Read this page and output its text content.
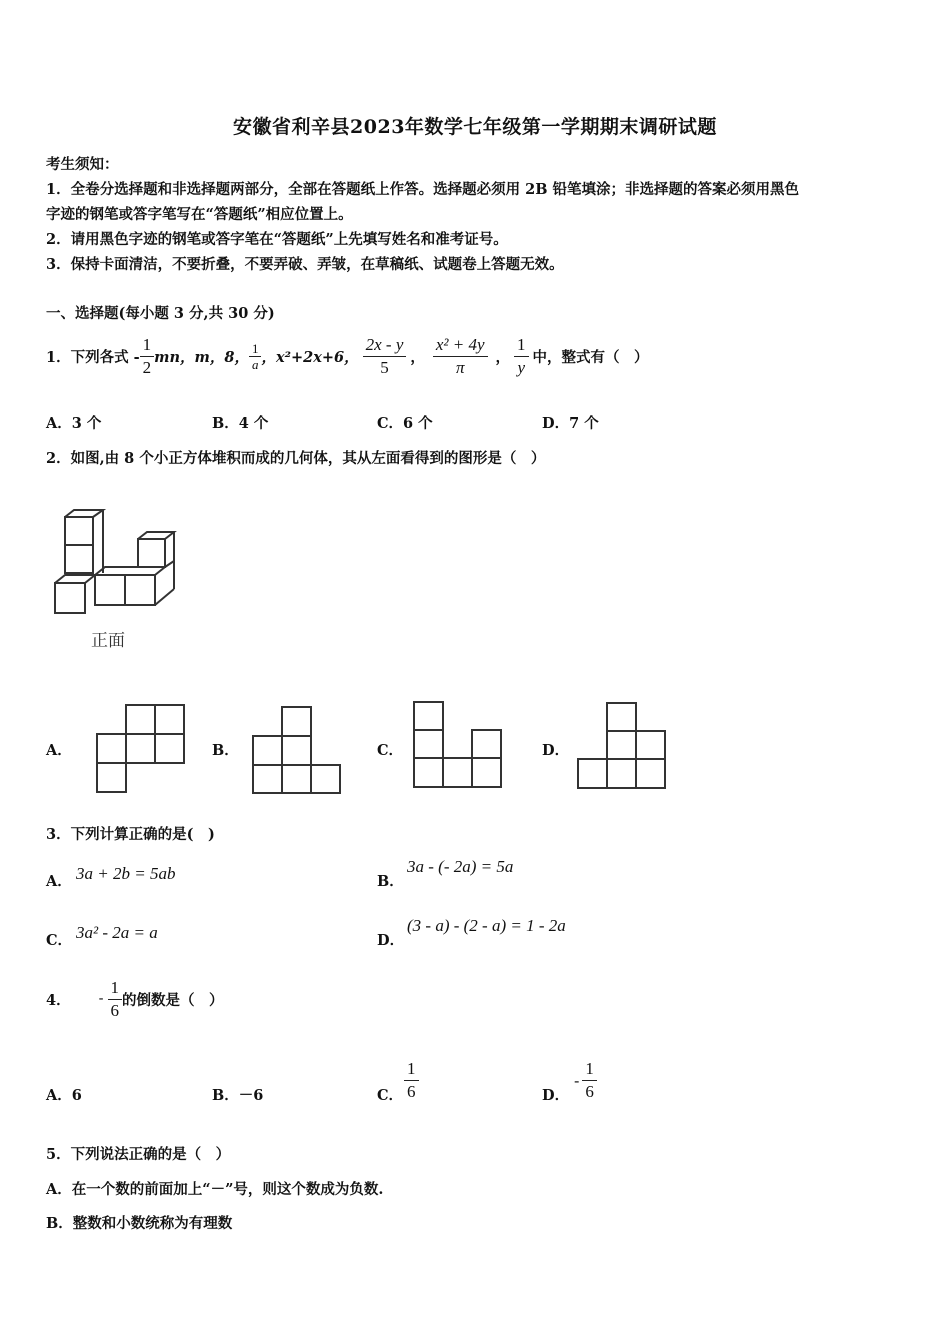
安徽省利辛县2023年数学七年级第一学期期末调研试题
考生须知：
1．全卷分选择题和非选择题两部分，全部在答题纸上作答。选择题必须用 2B 铅笔填涂；非选择题的答案必须用黑色
字迹的钢笔或答字笔写在“答题纸”相应位置上。
2．请用黑色字迹的钢笔或答字笔在“答题纸”上先填写姓名和准考证号。
3．保持卡面清洁，不要折叠，不要弄破、弄皱，在草稿纸、试题卷上答题无效。
一、选择题(每小题 3 分,共 30 分)
1．下列各式 - $\frac{1}{2}$ mn，m，8， $\frac{1}{a}$ ，x²+2x+6， $\frac{2x - y}{5}$ ， $\frac{\text{x² + 4y}}{\pi}$ ， $\frac{1}{y}$ 中，整式有（　）
A．3 个	B．4 个	C．6 个	D．7 个
2．如图,由 8 个小正方体堆积而成的几何体，其从左面看得到的图形是（　）
正面
A．	B．	C．	D．
3．下列计算正确的是(　)
A． 3a + 2b = 5ab	B．
3a - (- 2a) = 5a
C． 3a² - 2a = a	D．
(3 - a) - (2 - a) = 1 - 2a
4． - $\frac{1}{6}$ 的倒数是（　）
A．6	B．－6	C． $\frac{1}{6}$	D．
- $\frac{1}{6}$
5．下列说法正确的是（　）
A．在一个数的前面加上“－”号，则这个数成为负数.
B．整数和小数统称为有理数
